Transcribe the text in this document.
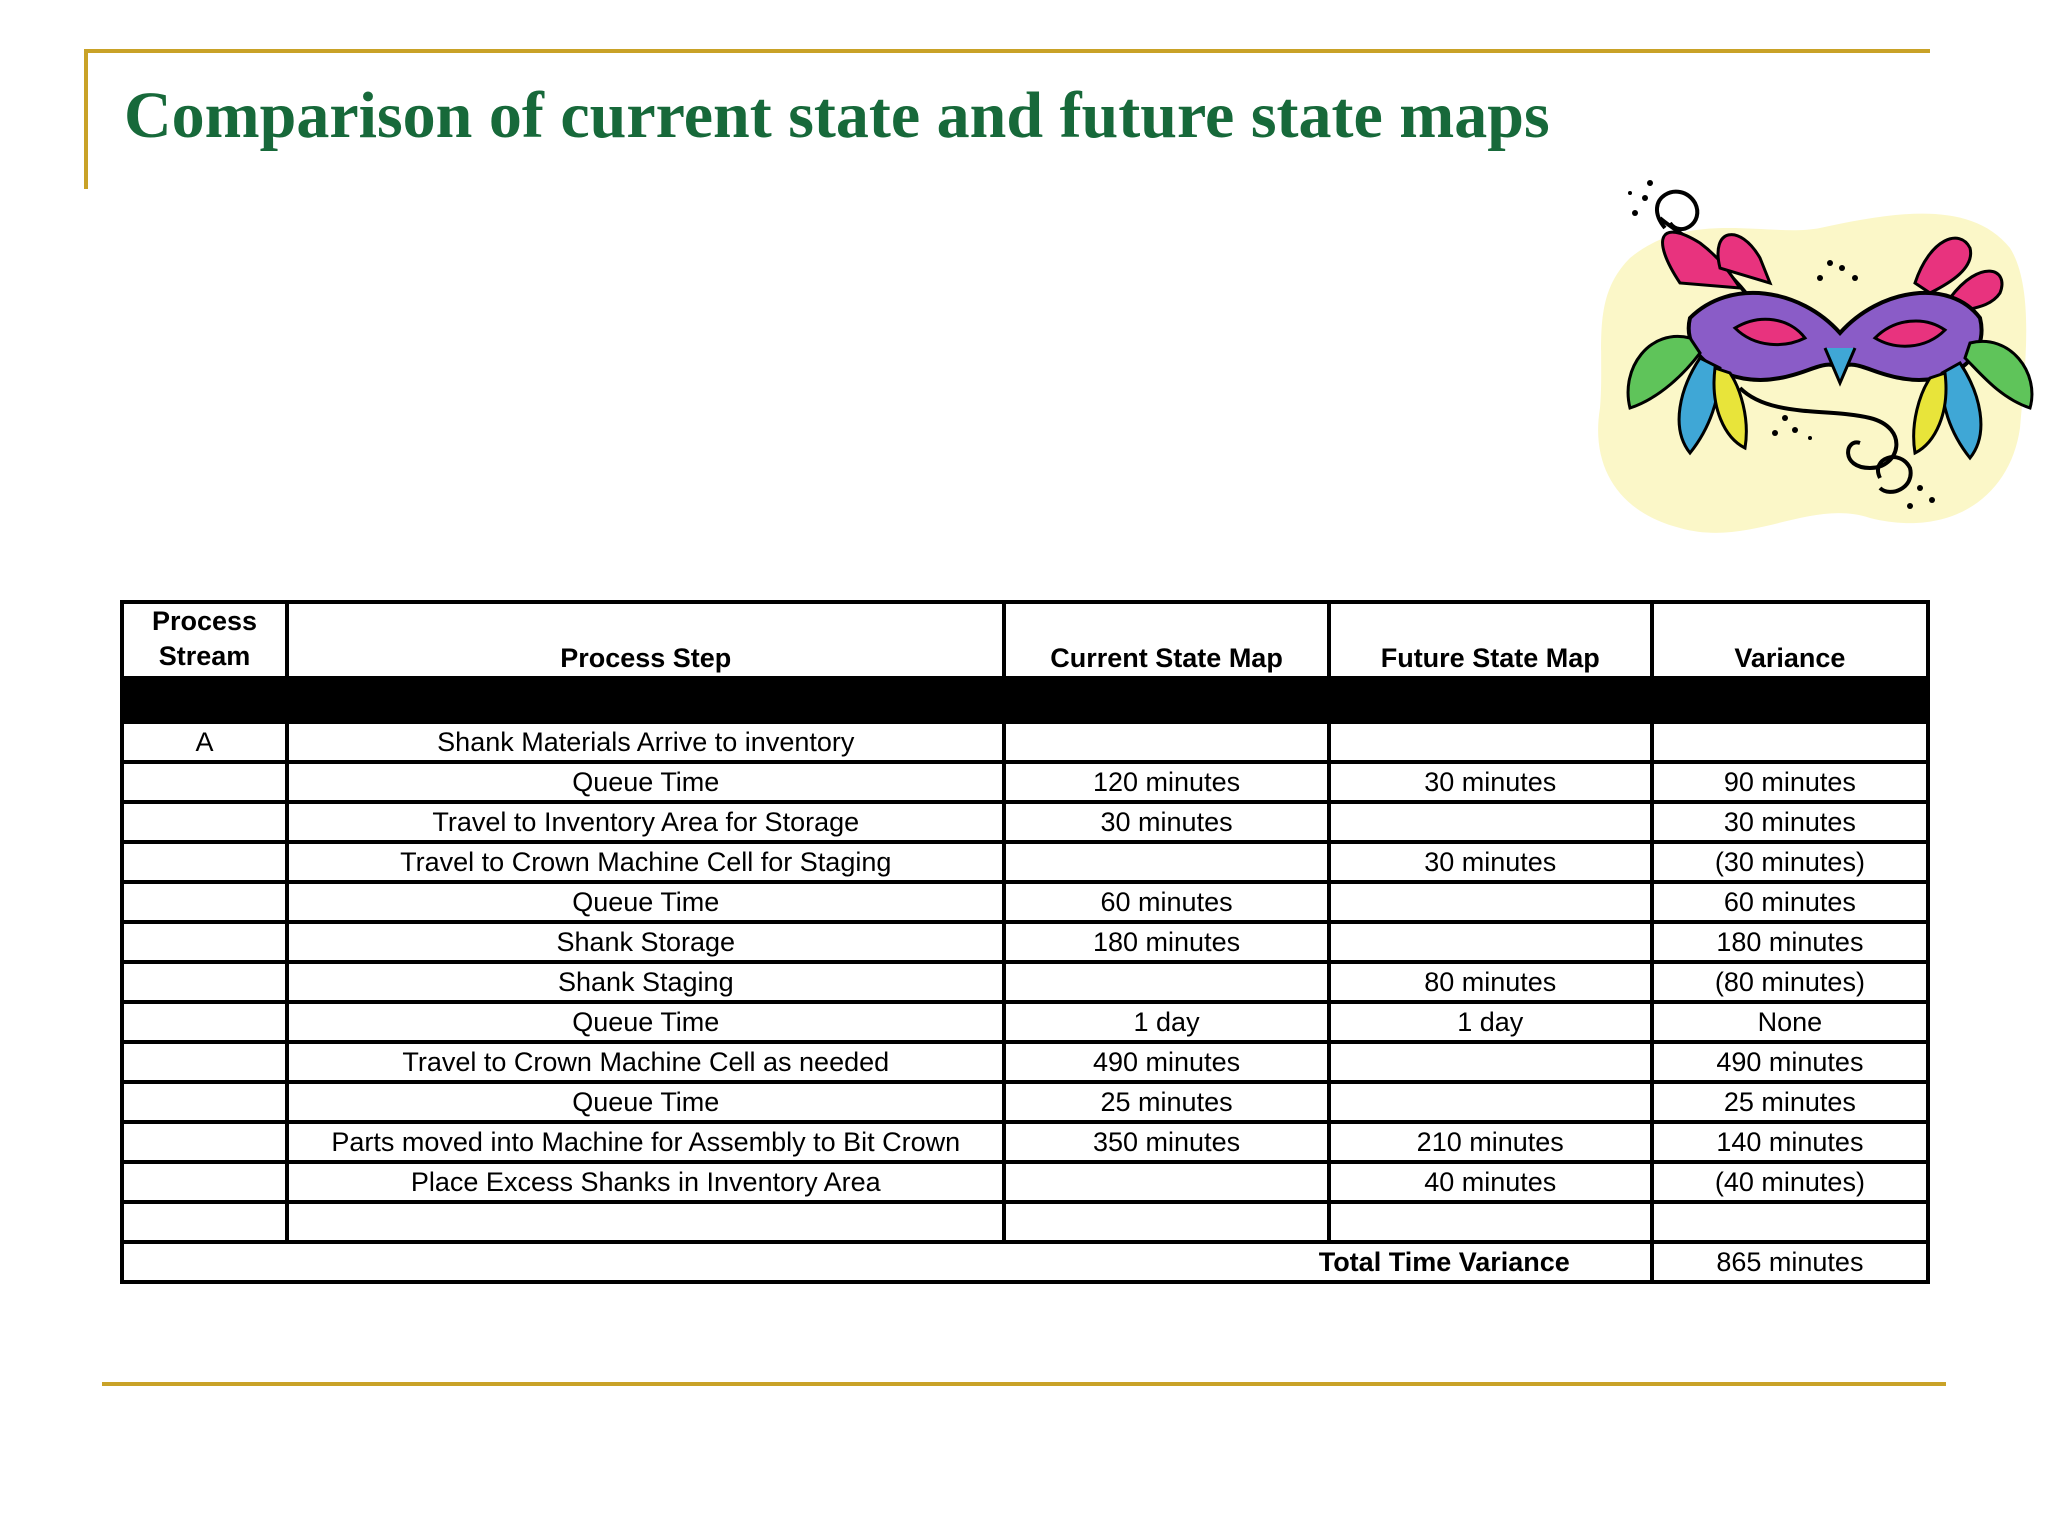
Comparison of current state and future state maps
Process Stream	Process Step	Current State Map	Future State Map	Variance

A	Shank Materials Arrive to inventory			
	Queue Time	120 minutes	30 minutes	90 minutes
	Travel to Inventory Area for Storage	30 minutes		30 minutes
	Travel to Crown Machine Cell for Staging		30 minutes	(30 minutes)
	Queue Time	60 minutes		60 minutes
	Shank Storage	180 minutes		180 minutes
	Shank Staging		80 minutes	(80 minutes)
	Queue Time	1 day	1 day	None
	Travel to Crown Machine Cell as needed	490 minutes		490 minutes
	Queue Time	25 minutes		25 minutes
	Parts moved into Machine for Assembly to Bit Crown	350 minutes	210 minutes	140 minutes
	Place Excess Shanks in Inventory Area		40 minutes	(40 minutes)

Total Time Variance				865 minutes
